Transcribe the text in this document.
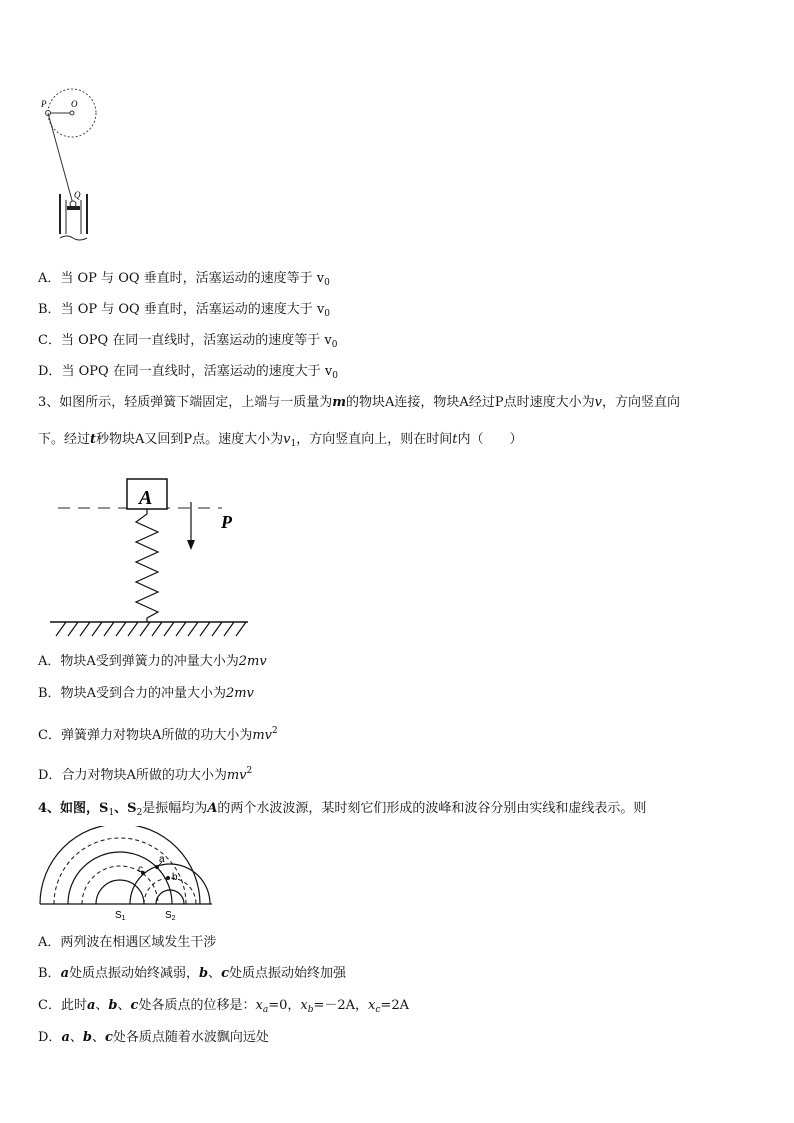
P	O
Q
A．当 OP 与 OQ 垂直时，活塞运动的速度等于 $v_0$
B．当 OP 与 OQ 垂直时，活塞运动的速度大于 $v_0$
C．当 OPQ 在同一直线时，活塞运动的速度等于 $v_0$
D．当 OPQ 在同一直线时，活塞运动的速度大于 $v_0$
3、如图所示，轻质弹簧下端固定，上端与一质量为m的物块A连接，物块A经过P点时速度大小为v，方向竖直向
下。经过t秒物块A又回到P点。速度大小为$v_1$，方向竖直向上，则在时间t内（　　）
A
P
A．物块A受到弹簧力的冲量大小为2mv
B．物块A受到合力的冲量大小为2mv
C．弹簧弹力对物块A所做的功大小为$mv^2$
D．合力对物块A所做的功大小为$mv^2$
4、如图，$S_1$、$S_2$是振幅均为A的两个水波波源，某时刻它们形成的波峰和波谷分别由实线和虚线表示。则
a
b
c
$S_1$	$S_2$
A．两列波在相遇区域发生干涉
B．a处质点振动始终减弱，b、c处质点振动始终加强
C．此时a、b、c处各质点的位移是：$x_a=0$，$x_b=-2A$，$x_c=2A$
D．a、b、c处各质点随着水波飘向远处
